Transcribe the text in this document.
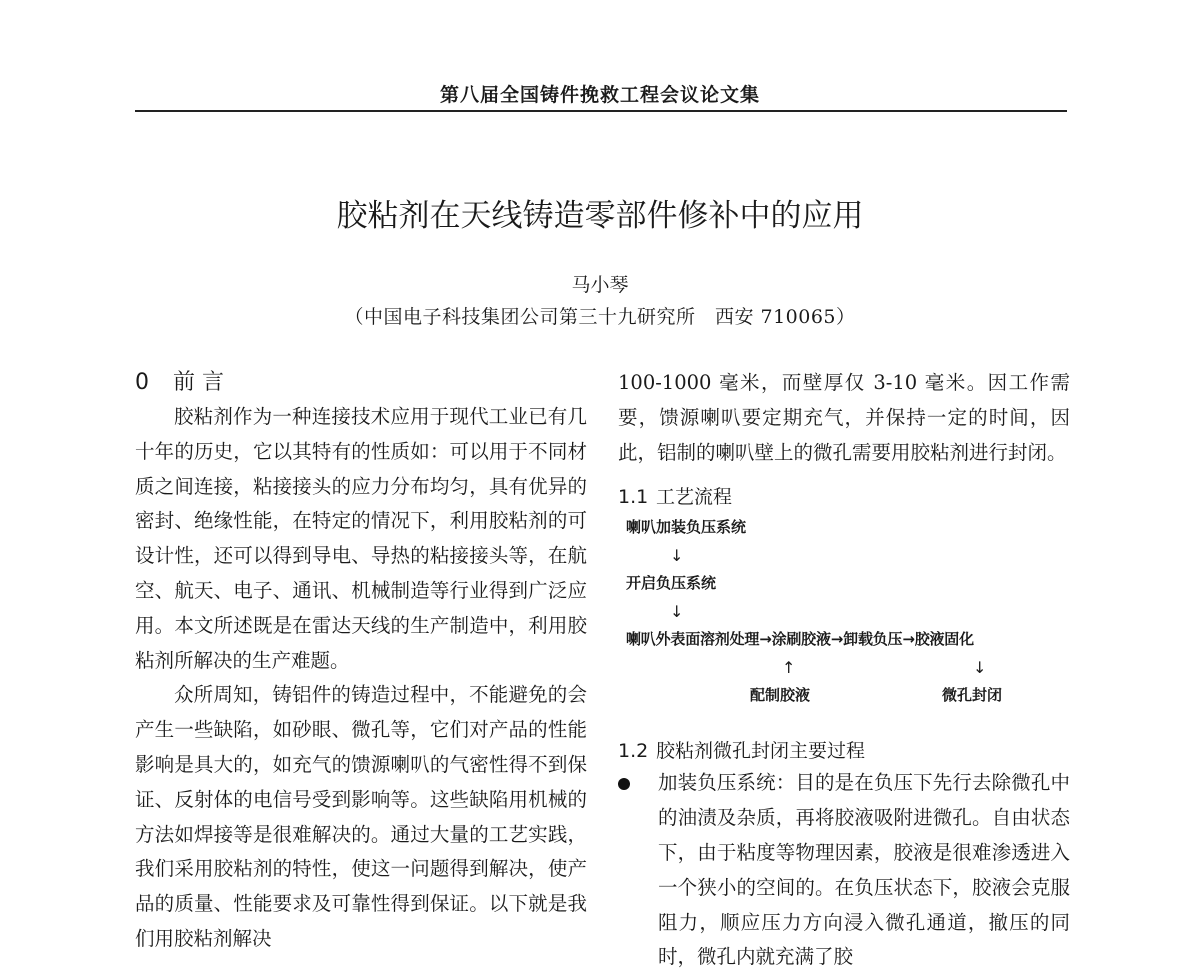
第八届全国铸件挽救工程会议论文集
胶粘剂在天线铸造零部件修补中的应用
马小琴
（中国电子科技集团公司第三十九研究所　西安 710065）
0 前 言

胶粘剂作为一种连接技术应用于现代工业已有几十年的历史，它以其特有的性质如：可以用于不同材质之间连接，粘接接头的应力分布均匀，具有优异的密封、绝缘性能，在特定的情况下，利用胶粘剂的可设计性，还可以得到导电、导热的粘接接头等，在航空、航天、电子、通讯、机械制造等行业得到广泛应用。本文所述既是在雷达天线的生产制造中，利用胶粘剂所解决的生产难题。

众所周知，铸铝件的铸造过程中，不能避免的会产生一些缺陷，如砂眼、微孔等，它们对产品的性能影响是具大的，如充气的馈源喇叭的气密性得不到保证、反射体的电信号受到影响等。这些缺陷用机械的方法如焊接等是很难解决的。通过大量的工艺实践，我们采用胶粘剂的特性，使这一问题得到解决，使产品的质量、性能要求及可靠性得到保证。以下就是我们用胶粘剂解决

100-1000 毫米，而壁厚仅 3-10 毫米。因工作需要，馈源喇叭要定期充气，并保持一定的时间，因此，铝制的喇叭壁上的微孔需要用胶粘剂进行封闭。

1.1 工艺流程
喇叭加装负压系统
↓
开启负压系统
↓
喇叭外表面溶剂处理→涂刷胶液→卸载负压→胶液固化
↑	↓
配制胶液	微孔封闭
1.2 胶粘剂微孔封闭主要过程

加装负压系统：目的是在负压下先行去除微孔中的油渍及杂质，再将胶液吸附进微孔。自由状态下，由于粘度等物理因素，胶液是很难渗透进入一个狭小的空间的。在负压状态下，胶液会克服阻力，顺应压力方向浸入微孔通道，撤压的同时，微孔内就充满了胶
